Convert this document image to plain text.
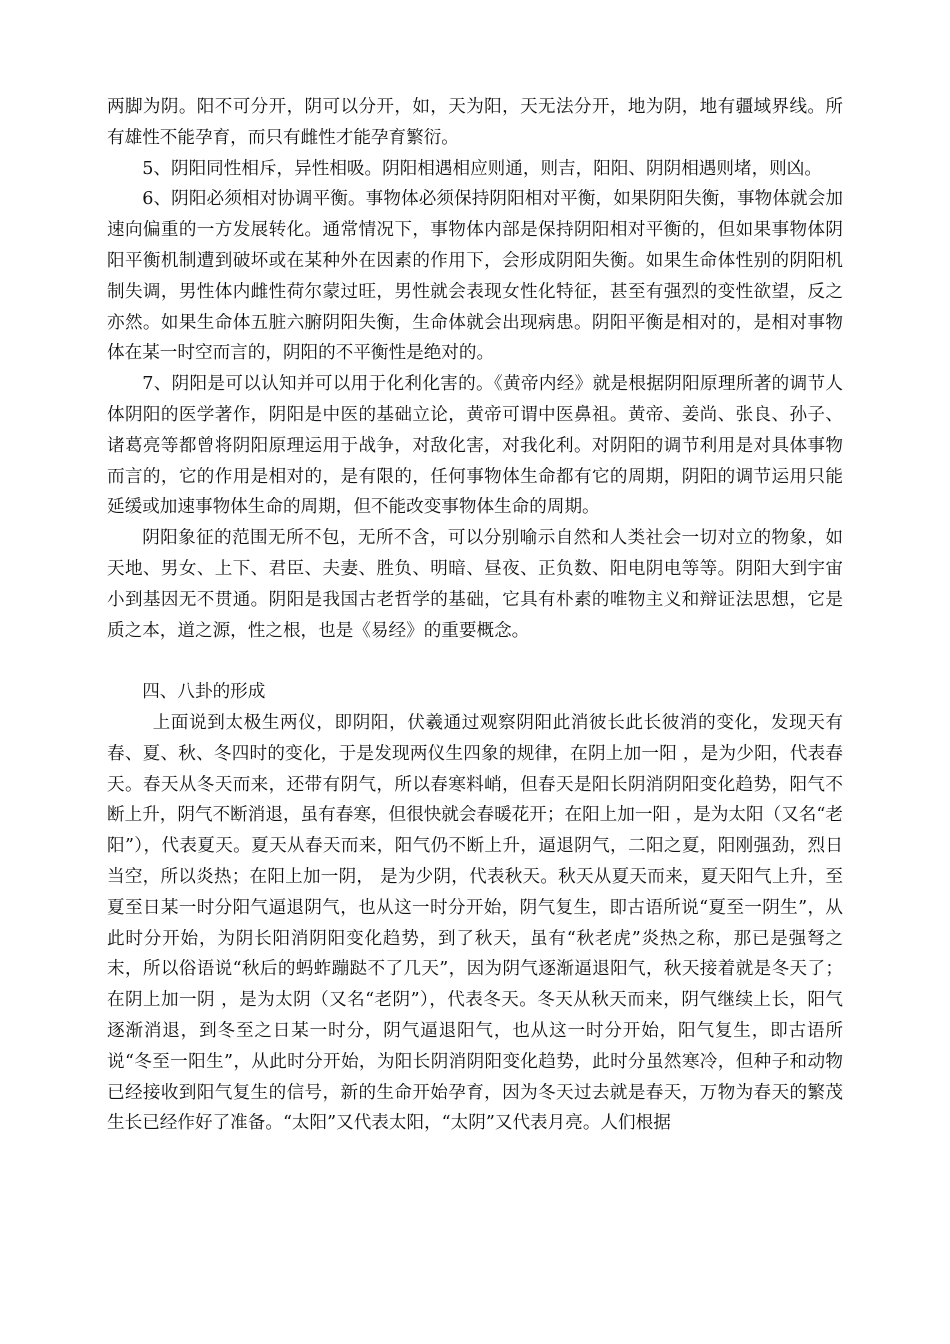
两脚为阴。阳不可分开，阴可以分开，如，天为阳，天无法分开，地为阴，地有疆域界线。所有雄性不能孕育，而只有雌性才能孕育繁衍。

5、阴阳同性相斥，异性相吸。阴阳相遇相应则通，则吉，阳阳、阴阴相遇则堵，则凶。

6、阴阳必须相对协调平衡。事物体必须保持阴阳相对平衡，如果阴阳失衡，事物体就会加速向偏重的一方发展转化。通常情况下，事物体内部是保持阴阳相对平衡的，但如果事物体阴阳平衡机制遭到破坏或在某种外在因素的作用下，会形成阴阳失衡。如果生命体性别的阴阳机制失调，男性体内雌性荷尔蒙过旺，男性就会表现女性化特征，甚至有强烈的变性欲望，反之亦然。如果生命体五脏六腑阴阳失衡，生命体就会出现病患。阴阳平衡是相对的，是相对事物体在某一时空而言的，阴阳的不平衡性是绝对的。

7、阴阳是可以认知并可以用于化利化害的。《黄帝内经》就是根据阴阳原理所著的调节人体阴阳的医学著作，阴阳是中医的基础立论，黄帝可谓中医鼻祖。黄帝、姜尚、张良、孙子、诸葛亮等都曾将阴阳原理运用于战争，对敌化害，对我化利。对阴阳的调节利用是对具体事物而言的，它的作用是相对的，是有限的，任何事物体生命都有它的周期，阴阳的调节运用只能延缓或加速事物体生命的周期，但不能改变事物体生命的周期。

阴阳象征的范围无所不包，无所不含，可以分别喻示自然和人类社会一切对立的物象，如天地、男女、上下、君臣、夫妻、胜负、明暗、昼夜、正负数、阳电阴电等等。阴阳大到宇宙小到基因无不贯通。阴阳是我国古老哲学的基础，它具有朴素的唯物主义和辩证法思想，它是质之本，道之源，性之根，也是《易经》的重要概念。

四、八卦的形成

上面说到太极生两仪，即阴阳，伏羲通过观察阴阳此消彼长此长彼消的变化，发现天有春、夏、秋、冬四时的变化，于是发现两仪生四象的规律，在阴上加一阳 ，是为少阳，代表春天。春天从冬天而来，还带有阴气，所以春寒料峭，但春天是阳长阴消阴阳变化趋势，阳气不断上升，阴气不断消退，虽有春寒，但很快就会春暖花开；在阳上加一阳 ，是为太阳（又名“老阳”），代表夏天。夏天从春天而来，阳气仍不断上升，逼退阴气，二阳之夏，阳刚强劲，烈日当空，所以炎热；在阳上加一阴， 是为少阴，代表秋天。秋天从夏天而来，夏天阳气上升，至夏至日某一时分阳气逼退阴气，也从这一时分开始，阴气复生，即古语所说“夏至一阴生”，从此时分开始，为阴长阳消阴阳变化趋势，到了秋天，虽有“秋老虎”炎热之称，那已是强弩之末，所以俗语说“秋后的蚂蚱蹦跶不了几天”，因为阴气逐渐逼退阳气，秋天接着就是冬天了；在阴上加一阴 ，是为太阴（又名“老阴”），代表冬天。冬天从秋天而来，阴气继续上长，阳气逐渐消退，到冬至之日某一时分，阴气逼退阳气，也从这一时分开始，阳气复生，即古语所说“冬至一阳生”，从此时分开始，为阳长阴消阴阳变化趋势，此时分虽然寒冷，但种子和动物已经接收到阳气复生的信号，新的生命开始孕育，因为冬天过去就是春天，万物为春天的繁茂生长已经作好了准备。“太阳”又代表太阳，“太阴”又代表月亮。人们根据
